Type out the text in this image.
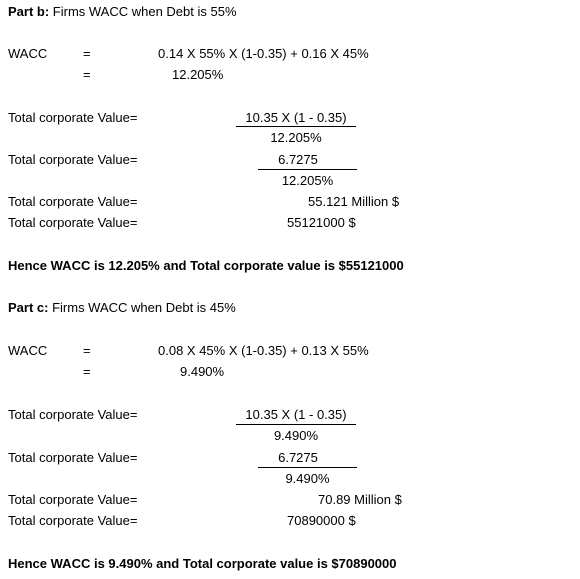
Part b: Firms WACC when Debt is 55%
WACC	=	0.14 X 55% X (1-0.35) + 0.16 X 45%
=	12.205%
Total corporate Value=	10.35 X (1 - 0.35)
12.205%
Total corporate Value=	6.7275
12.205%
Total corporate Value=	55.121 Million $
Total corporate Value=	55121000 $
Hence WACC is 12.205% and Total corporate value is $55121000
Part c: Firms WACC when Debt is 45%
WACC	=	0.08 X 45% X (1-0.35) + 0.13 X 55%
=	9.490%
Total corporate Value=	10.35 X (1 - 0.35)
9.490%
Total corporate Value=	6.7275
9.490%
Total corporate Value=	70.89 Million $
Total corporate Value=	70890000 $
Hence WACC is 9.490% and Total corporate value is $70890000
